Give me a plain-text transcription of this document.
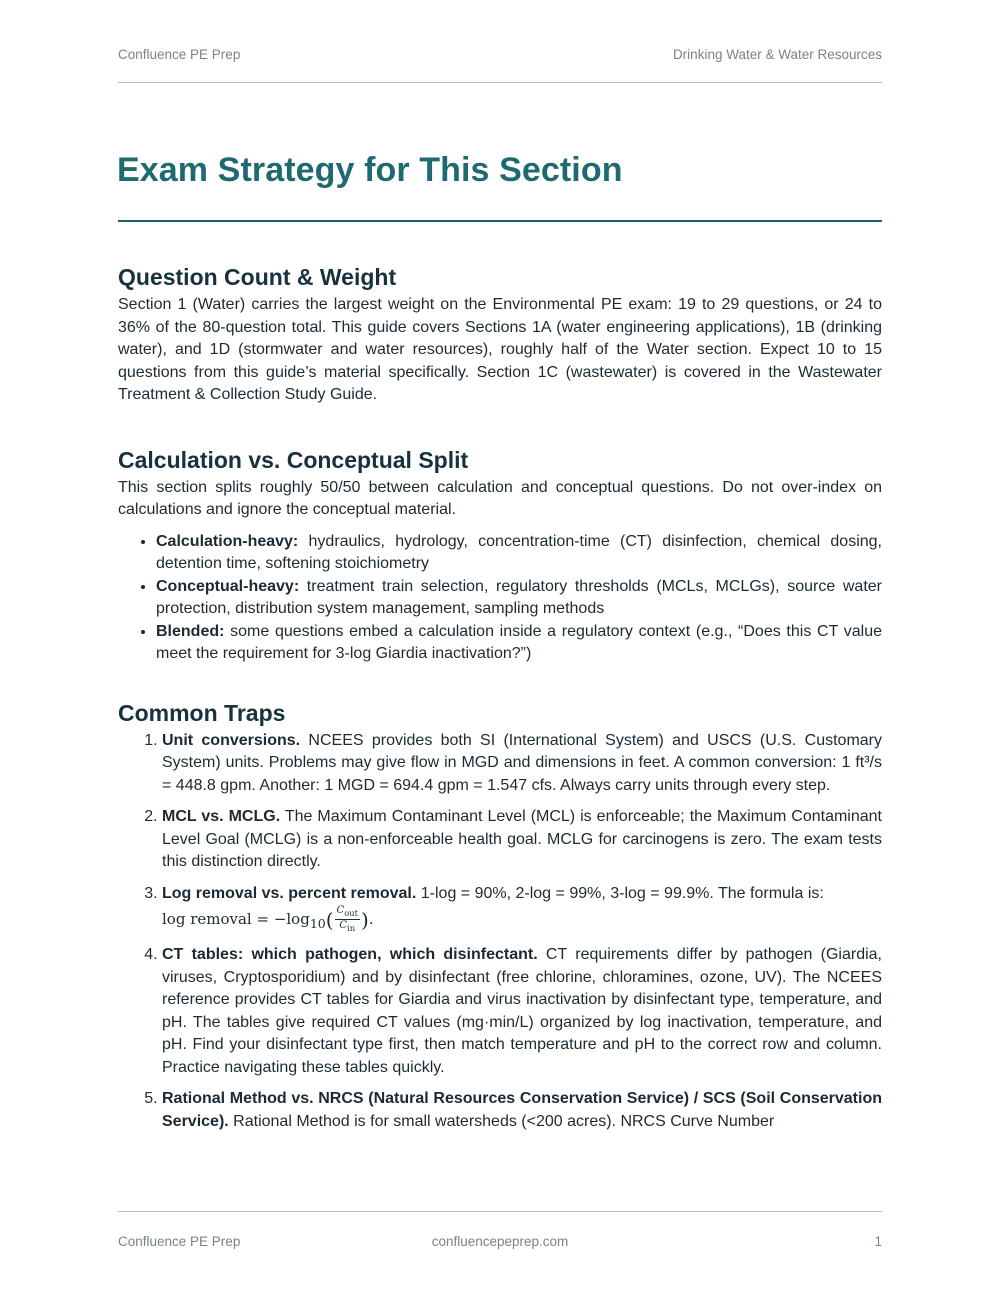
Confluence PE Prep	Drinking Water & Water Resources
Exam Strategy for This Section
Question Count & Weight

Section 1 (Water) carries the largest weight on the Environmental PE exam: 19 to 29 questions, or 24 to 36% of the 80-question total. This guide covers Sections 1A (water engineering applications), 1B (drinking water), and 1D (stormwater and water resources), roughly half of the Water section. Expect 10 to 15 questions from this guide’s material specifically. Section 1C (wastewater) is covered in the Wastewater Treatment & Collection Study Guide.

Calculation vs. Conceptual Split

This section splits roughly 50/50 between calculation and conceptual questions. Do not over-index on calculations and ignore the conceptual material.

• Calculation-heavy: hydraulics, hydrology, concentration-time (CT) disinfection, chemical dosing, detention time, softening stoichiometry
• Conceptual-heavy: treatment train selection, regulatory thresholds (MCLs, MCLGs), source water protection, distribution system management, sampling methods
• Blended: some questions embed a calculation inside a regulatory context (e.g., “Does this CT value meet the requirement for 3-log Giardia inactivation?”)
Common Traps
1. Unit conversions. NCEES provides both SI (International System) and USCS (U.S. Customary System) units. Problems may give flow in MGD and dimensions in feet. A common conversion: 1 ft³/s = 448.8 gpm. Another: 1 MGD = 694.4 gpm = 1.547 cfs. Always carry units through every step.
2. MCL vs. MCLG. The Maximum Contaminant Level (MCL) is enforceable; the Maximum Contaminant Level Goal (MCLG) is a non-enforceable health goal. MCLG for carcinogens is zero. The exam tests this distinction directly.
3. Log removal vs. percent removal. 1-log = 90%, 2-log = 99%, 3-log = 99.9%. The formula is:
log removal = $-\log_{10}( \frac{C_{out}}{C_{in}}$ ).
4. CT tables: which pathogen, which disinfectant. CT requirements differ by pathogen (Giardia, viruses, Cryptosporidium) and by disinfectant (free chlorine, chloramines, ozone, UV). The NCEES reference provides CT tables for Giardia and virus inactivation by disinfectant type, temperature, and pH. The tables give required CT values (mg·min/L) organized by log inactivation, temperature, and pH. Find your disinfectant type first, then match temperature and pH to the correct row and column. Practice navigating these tables quickly.
5. Rational Method vs. NRCS (Natural Resources Conservation Service) / SCS (Soil Conservation Service). Rational Method is for small watersheds (<200 acres). NRCS Curve Number
Confluence PE Prep	confluencepeprep.com	1
